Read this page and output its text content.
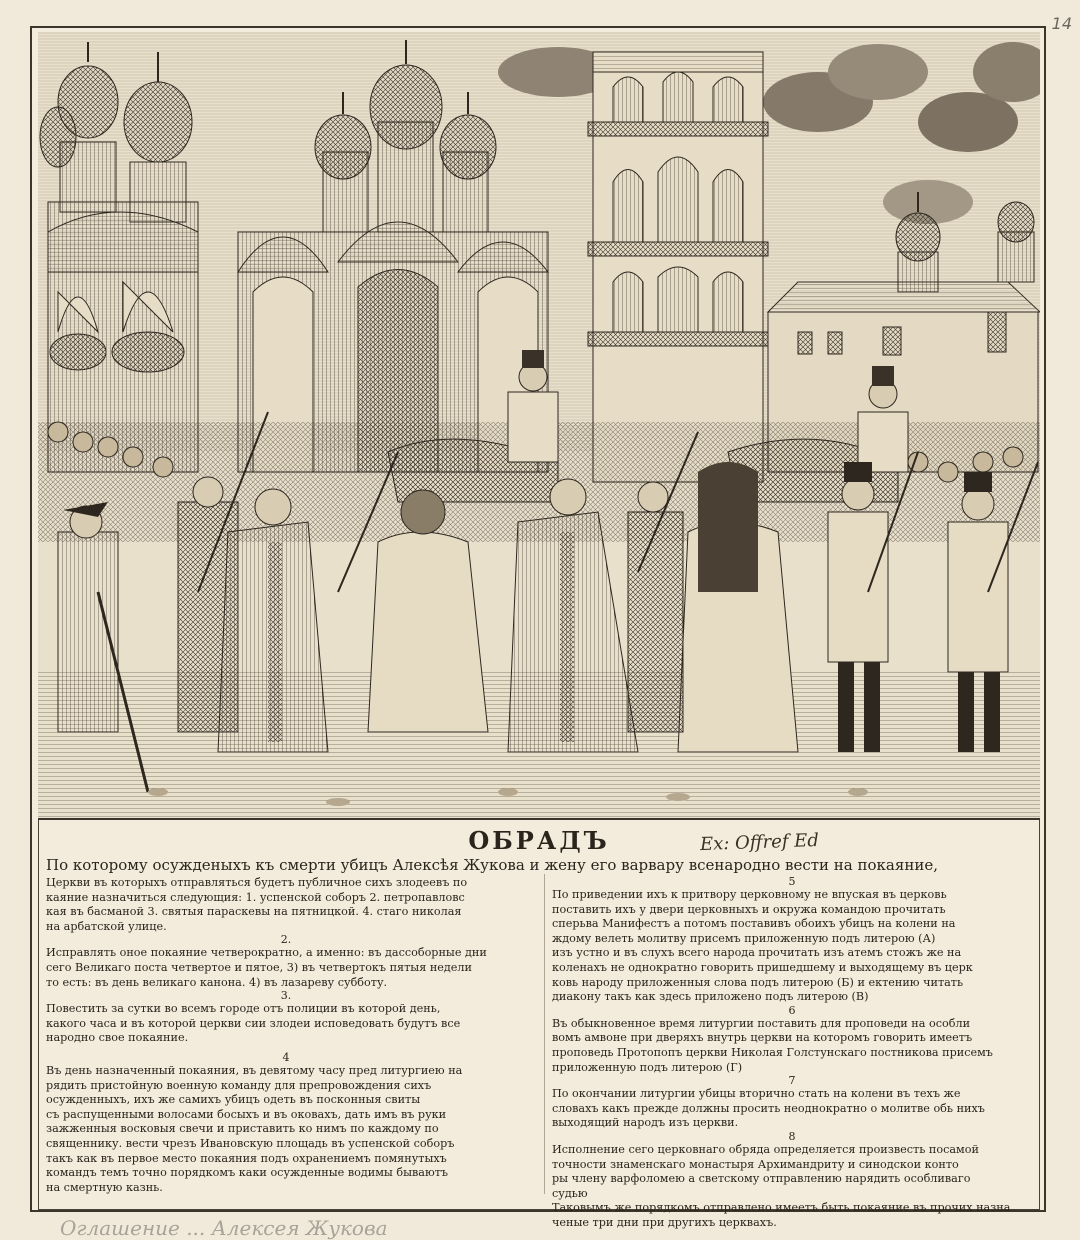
14
ОБРАДЪ	Ex: Offref Ed
По которому осужденыхъ къ смерти убицъ Алексѣя Жукова и жену его варвару всенародно вести на покаяние,

Церкви въ которыхъ отправляться будетъ публичное сихъ злодеевъ по

каяние назначиться следующия: 1. успенской соборъ 2. петропавловс

кая въ басманой 3. святыя параскевы на пятницкой. 4. стаго николая

на арбатской улице.

2.

Исправлять оное покаяние четверократно, а именно: въ дассоборные дни

сего Великаго поста четвертое и пятое, 3) въ четвертокъ пятыя недели

то есть: въ день великаго канона. 4) въ лазареву субботу.

3.

Повестить за сутки во всемъ городе отъ полиции въ которой день,

какого часа и въ которой церкви сии злодеи исповедовать будутъ все

народно свое покаяние.

4

Въ день назначенный покаяния, въ девятому часу пред литургиею на

рядить пристойную военную команду для препровождения сихъ

осужденныхъ, ихъ же самихъ убицъ одеть въ посконныя свиты

съ распущенными волосами босыхъ и въ оковахъ, дать имъ въ руки

зажженныя восковыя свечи и приставить ко нимъ по каждому по

священнику. вести чрезъ Ивановскую площадь въ успенской соборъ

такъ как въ первое место покаяния подъ охранениемъ помянутыхъ

командъ темъ точно порядкомъ каки осужденные водимы бываютъ

на смертную казнь.

5

По приведении ихъ к притвору церковному не впуская въ церковь

поставить ихъ у двери церковныхъ и окружа командою прочитать

сперьва Манифестъ а потомъ поставивъ обоихъ убицъ на колени на

ждому велеть молитву присемъ приложенную подъ литерою (А)

изъ устно и въ слухъ всего народа прочитать изъ атемъ стожъ же на

коленахъ не однократно говорить пришедшему и выходящему въ церк

ковь народу приложенныя слова подъ литерою (Б) и ектению читать

диакону такъ как здесь приложено подъ литерою (В)

6

Въ обыкновенное время литургии поставить для проповеди на особли

вомъ амвоне при дверяхъ внутрь церкви на которомъ говорить имеетъ

проповедь Протопопъ церкви Николая Голстунскаго постникова присемъ

приложенную подъ литерою (Г)

7

По окончании литургии убицы вторично стать на колени въ техъ же

словахъ какъ прежде должны просить неоднократно о молитве обь нихъ

выходящий народъ изъ церкви.

8

Исполнение сего церковнаго обряда определяется произвесть посамой

точности знаменскаго монастыря Архимандриту и синодскои конто

ры члену варфоломею а светскому отправлению нарядить особливаго

судью

Таковымъ же порядкомъ отправлено имеетъ быть покаяние въ прочих назна

ченые три дни при другихъ церквахъ.

Оглашение ... Алексея Жукова
